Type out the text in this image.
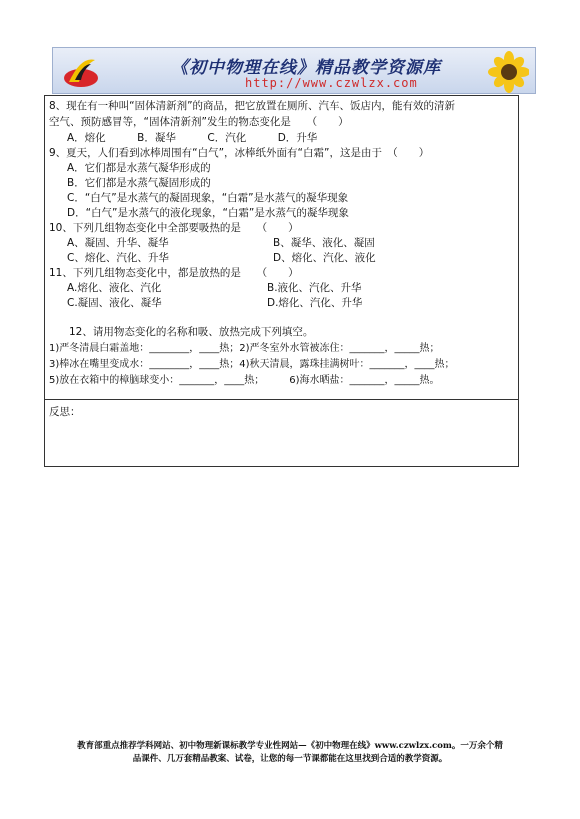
《初中物理在线》精品教学资源库
http://www.czwlzx.com
8、现在有一种叫“固体清新剂”的商品，把它放置在厕所、汽车、饭店内，能有效的清新
空气、预防感冒等，“固体清新剂”发生的物态变化是　　（　　）
A．熔化　　　B．凝华　　　C．汽化　　　D．升华
9、夏天，人们看到冰棒周围有“白气”，冰棒纸外面有“白霜”，这是由于　（　　）
A．它们都是水蒸气凝华形成的
B．它们都是水蒸气凝固形成的
C．“白气”是水蒸气的凝固现象，“白霜”是水蒸气的凝华现象
D．“白气”是水蒸气的液化现象，“白霜”是水蒸气的凝华现象
10、下列几组物态变化中全部要吸热的是　　（　　）
A、凝固、升华、凝华	B、凝华、液化、凝固
C、熔化、汽化、升华	D、熔化、汽化、液化
11、下列几组物态变化中，都是放热的是　　（　　）
A.熔化、液化、汽化	B.液化、汽化、升华
C.凝固、液化、凝华	D.熔化、汽化、升华
12、请用物态变化的名称和吸、放热完成下列填空。
1)严冬清晨白霜盖地：________，____热；2)严冬室外水管被冻住：_______，_____热；
3)棒冰在嘴里变成水：________，____热；4)秋天清晨，露珠挂满树叶：_______，____热；
5)放在衣箱中的樟脑球变小：_______，____热；　　　6)海水晒盐：_______，_____热。
反思：
教育部重点推荐学科网站、初中物理新课标教学专业性网站—《初中物理在线》www.czwlzx.com。一万余个精
品课件、几万套精品教案、试卷，让您的每一节课都能在这里找到合适的教学资源。
